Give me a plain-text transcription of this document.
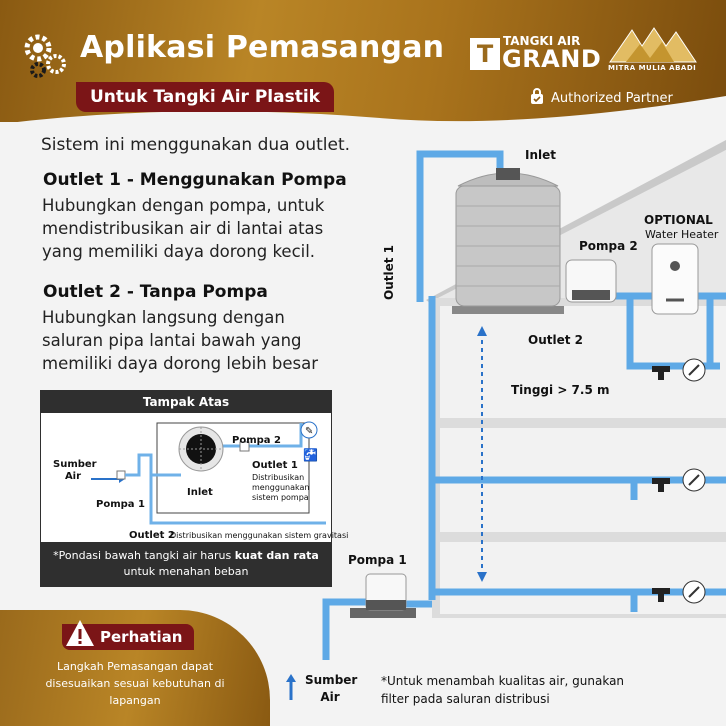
Aplikasi Pemasangan
Untuk Tangki Air Plastik
T TANGKI AIR
GRAND MITRA MULIA ABADI
Authorized Partner
Sistem ini menggunakan dua outlet.
Outlet 1 - Menggunakan Pompa
Hubungkan dengan pompa, untuk mendistribusikan air di lantai atas yang memiliki daya dorong kecil.
Outlet 2 - Tanpa Pompa
Hubungkan langsung dengan saluran pipa lantai bawah yang memiliki daya dorong lebih besar
Tampak Atas
✎
🚰
Sumber Air
Pompa 1
Pompa 2
Inlet
Outlet 1
Distribusikan menggunakan sistem pompa
Outlet 2
Distribusikan menggunakan sistem gravitasi
*Pondasi bawah tangki air harus kuat dan rata
untuk menahan beban
Perhatian
Langkah Pemasangan dapat disesuaikan sesuai kebutuhan di lapangan
Inlet
Outlet 1	Pompa 2
OPTIONAL
Water Heater
Outlet 2
Tinggi > 7.5 m
Pompa 1
Sumber Air
*Untuk menambah kualitas air, gunakan filter pada saluran distribusi
